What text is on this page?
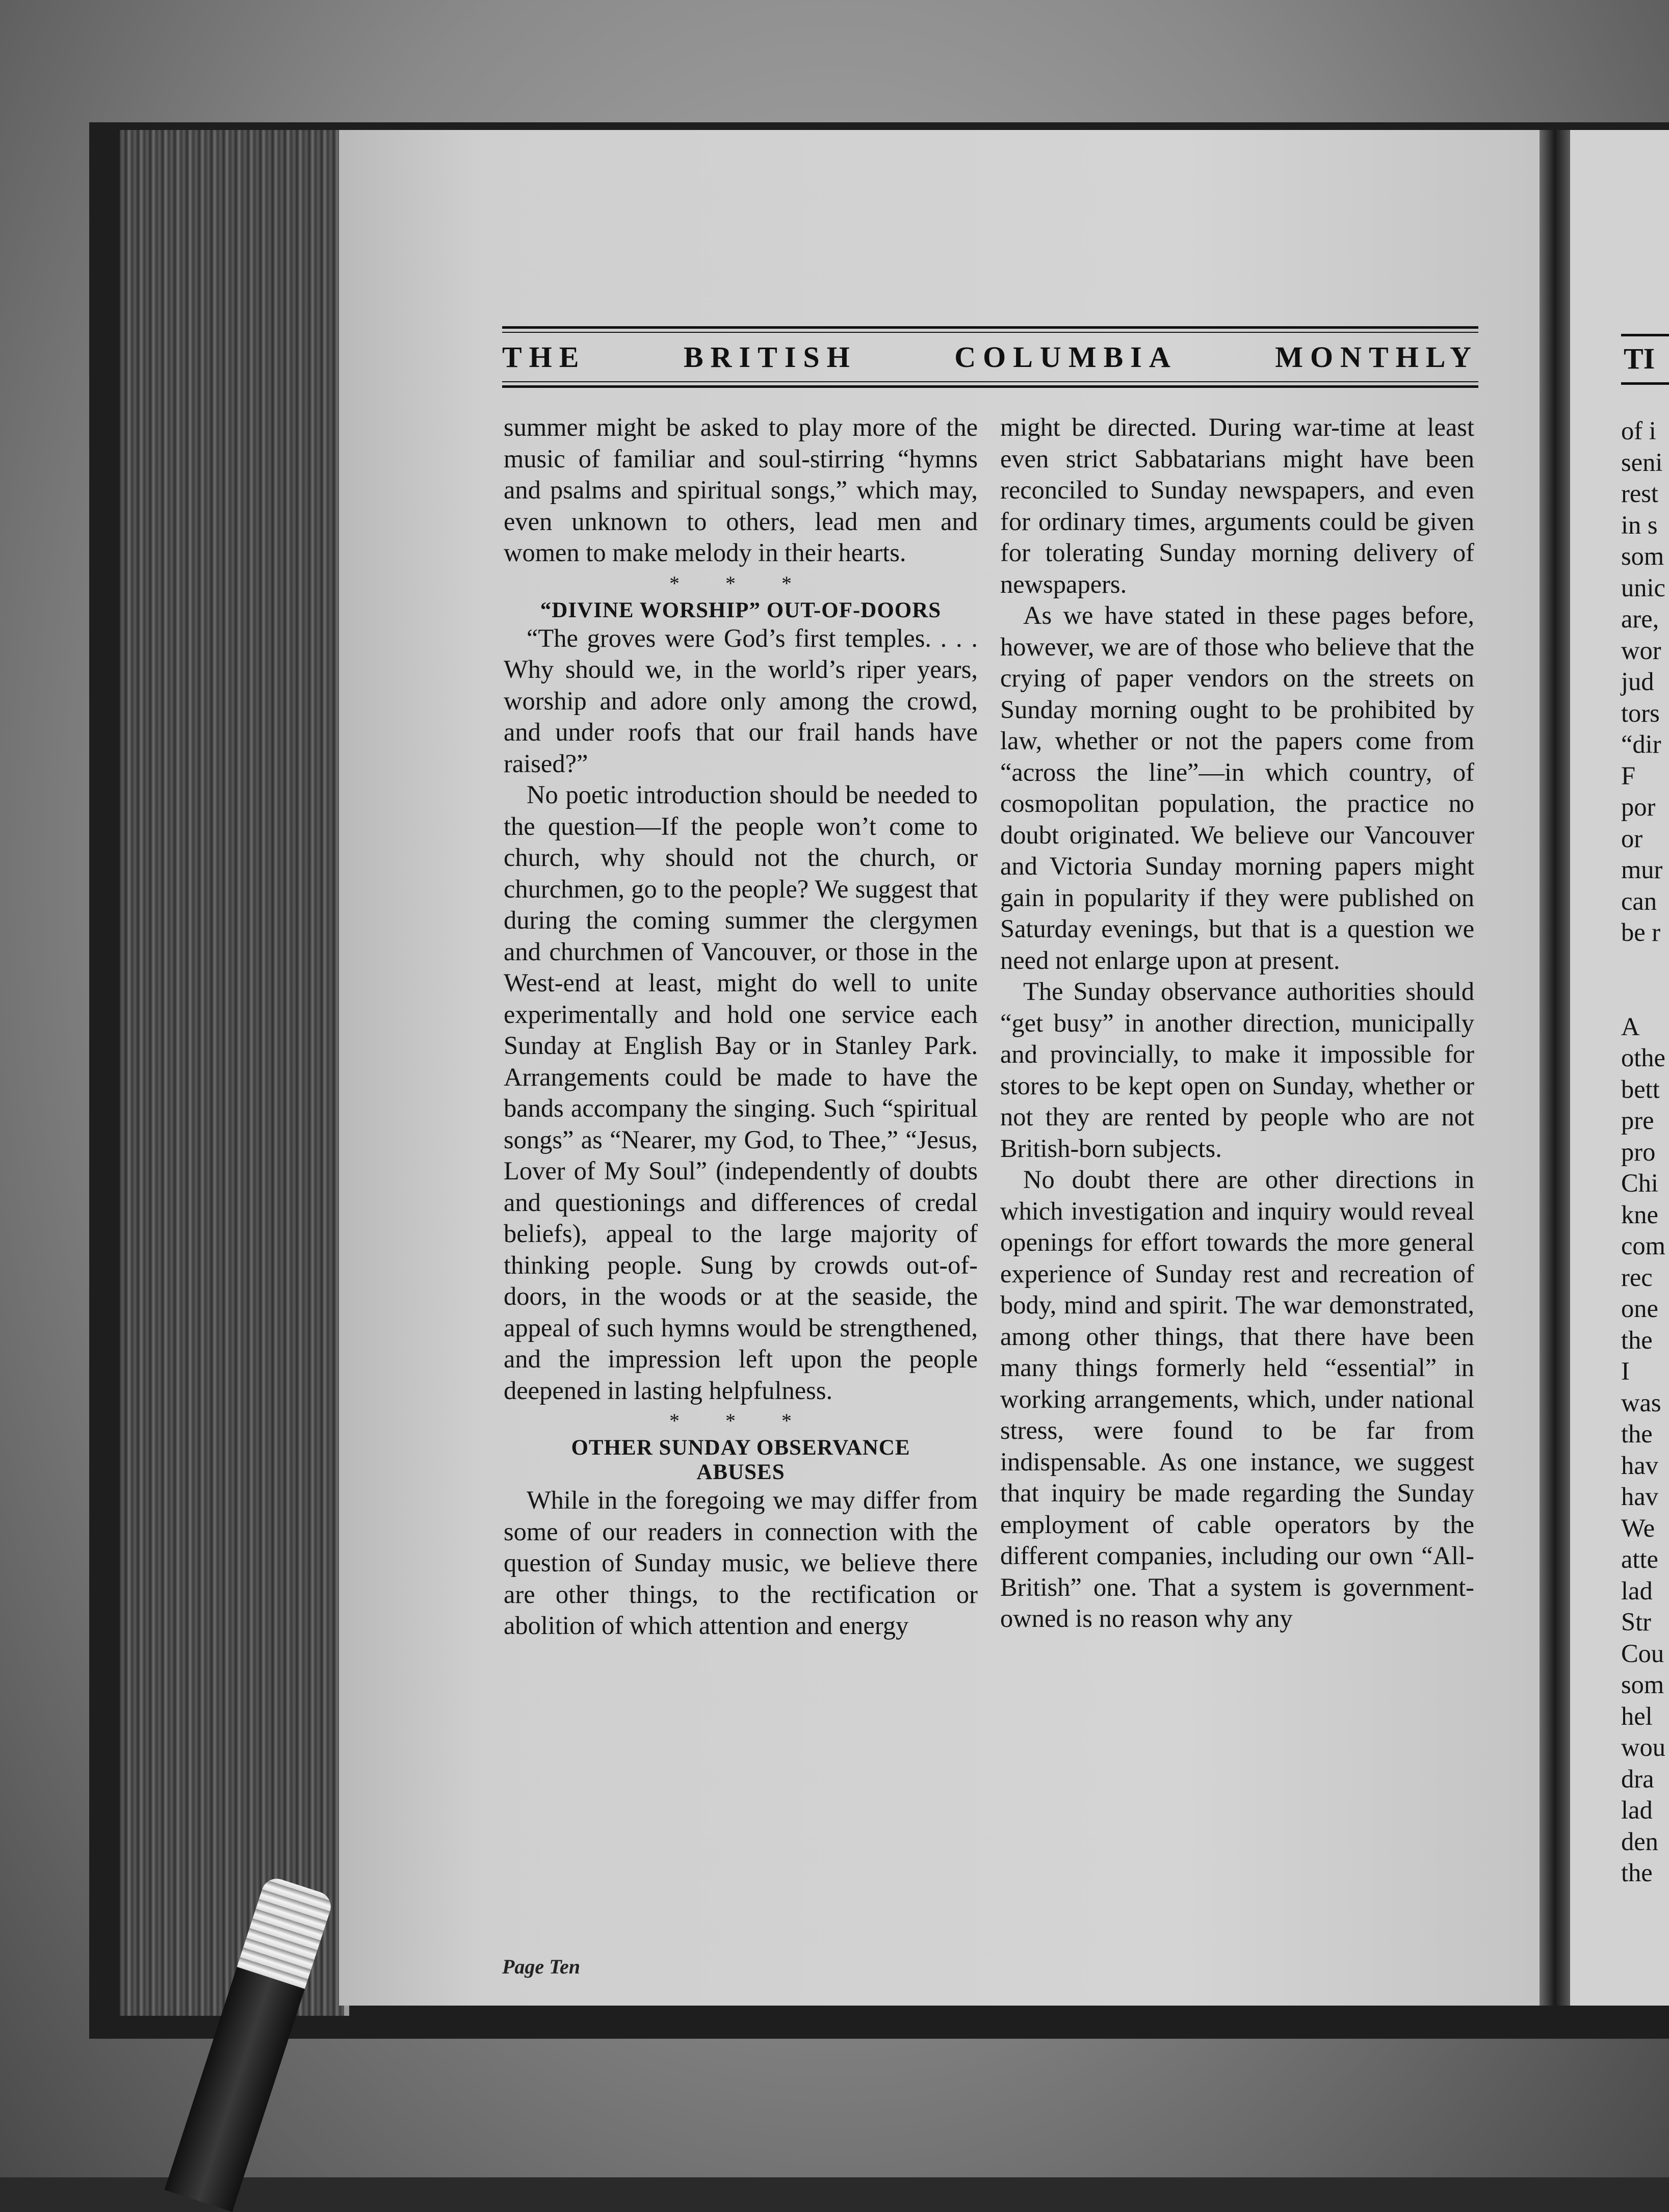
TI
of i
seni
rest
in s
som
unic
are,
wor
jud
tors
“dir
F
por
or
mur
can
be r
A
othe
bett
pre
pro
Chi
kne
com
rec
one
the
I
was
the
hav
hav
We
atte
lad
Str
Cou
som
hel
wou
dra
lad
den
the
THE	BRITISH	COLUMBIA	MONTHLY

summer might be asked to play more of the music of familiar and soul-stirring “hymns and psalms and spiritual songs,” which may, even unknown to others, lead men and women to make melody in their hearts.

* * *
“DIVINE WORSHIP” OUT-OF-DOORS

“The groves were God’s first temples. . . . Why should we, in the world’s riper years, worship and adore only among the crowd, and under roofs that our frail hands have raised?”

No poetic introduction should be needed to the question—If the people won’t come to church, why should not the church, or churchmen, go to the people? We suggest that during the coming summer the clergymen and churchmen of Vancouver, or those in the West-end at least, might do well to unite experimentally and hold one service each Sunday at English Bay or in Stanley Park. Arrangements could be made to have the bands accompany the singing. Such “spiritual songs” as “Nearer, my God, to Thee,” “Jesus, Lover of My Soul” (independently of doubts and questionings and differences of credal beliefs), appeal to the large majority of thinking people. Sung by crowds out-of-doors, in the woods or at the seaside, the appeal of such hymns would be strengthened, and the impression left upon the people deepened in lasting helpfulness.

* * *
OTHER SUNDAY OBSERVANCE ABUSES

While in the foregoing we may differ from some of our readers in connection with the question of Sunday music, we believe there are other things, to the rectification or abolition of which attention and energy

might be directed. During war-time at least even strict Sabbatarians might have been reconciled to Sunday newspapers, and even for ordinary times, arguments could be given for tolerating Sunday morning delivery of newspapers.

As we have stated in these pages before, however, we are of those who believe that the crying of paper vendors on the streets on Sunday morning ought to be prohibited by law, whether or not the papers come from “across the line”—in which country, of cosmopolitan population, the practice no doubt originated. We believe our Vancouver and Victoria Sunday morning papers might gain in popularity if they were published on Saturday evenings, but that is a question we need not enlarge upon at present.

The Sunday observance authorities should “get busy” in another direction, municipally and provincially, to make it impossible for stores to be kept open on Sunday, whether or not they are rented by people who are not British-born subjects.

No doubt there are other directions in which investigation and inquiry would reveal openings for effort towards the more general experience of Sunday rest and recreation of body, mind and spirit. The war demonstrated, among other things, that there have been many things formerly held “essential” in working arrangements, which, under national stress, were found to be far from indispensable. As one instance, we suggest that inquiry be made regarding the Sunday employment of cable operators by the different companies, including our own “All-British” one. That a system is government-owned is no reason why any

Page Ten
